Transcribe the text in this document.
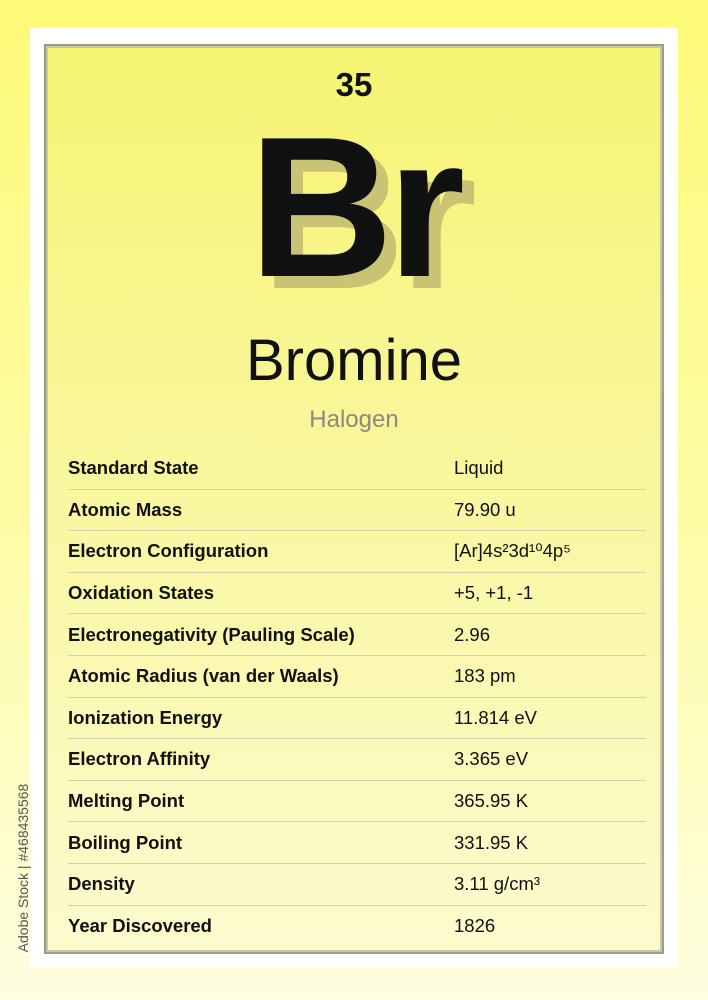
35
Br
Bromine
Halogen
Standard State	Liquid
Atomic Mass	79.90 u
Electron Configuration	[Ar]4s²3d¹⁰4p⁵
Oxidation States	+5, +1, -1
Electronegativity (Pauling Scale)	2.96
Atomic Radius (van der Waals)	183 pm
Ionization Energy	11.814 eV
Electron Affinity	3.365 eV
Melting Point	365.95 K
Boiling Point	331.95 K
Density	3.11 g/cm³
Year Discovered	1826
Adobe Stock | #468435568
